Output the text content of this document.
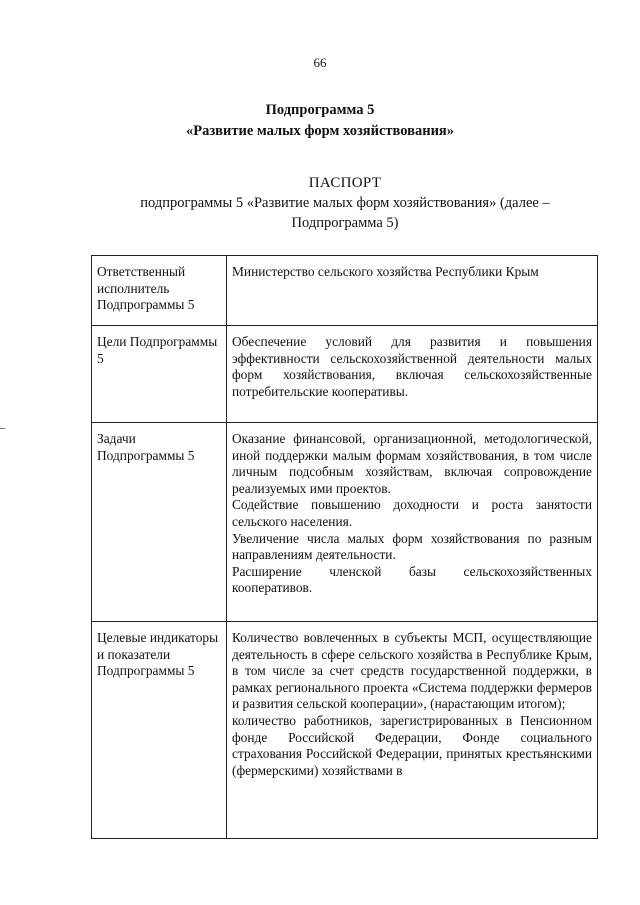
66
Подпрограмма 5
«Развитие малых форм хозяйствования»
ПАСПОРТ
подпрограммы 5 «Развитие малых форм хозяйствования» (далее –
Подпрограмма 5)
Ответственный исполнитель Подпрограммы 5	Министерство сельского хозяйства Республики Крым

Цели Подпрограммы 5	Обеспечение условий для развития и повышения эффективности сельскохозяйственной деятельности малых форм хозяйствования, включая сельскохозяйственные потребительские кооперативы.

Задачи Подпрограммы 5	Оказание финансовой, организационной, методологической, иной поддержки малым формам хозяйствования, в том числе личным подсобным хозяйствам, включая сопровождение реализуемых ими проектов.
Содействие повышению доходности и роста занятости сельского населения.
Увеличение числа малых форм хозяйствования по разным направлениям деятельности.
Расширение членской базы сельскохозяйственных кооперативов.

Целевые индикаторы и показатели Подпрограммы 5	Количество вовлеченных в субъекты МСП, осуществляющие деятельность в сфере сельского хозяйства в Республике Крым, в том числе за счет средств государственной поддержки, в рамках регионального проекта «Система поддержки фермеров и развития сельской кооперации», (нарастающим итогом);
количество работников, зарегистрированных в Пенсионном фонде Российской Федерации, Фонде социального страхования Российской Федерации, принятых крестьянскими (фермерскими) хозяйствами в
